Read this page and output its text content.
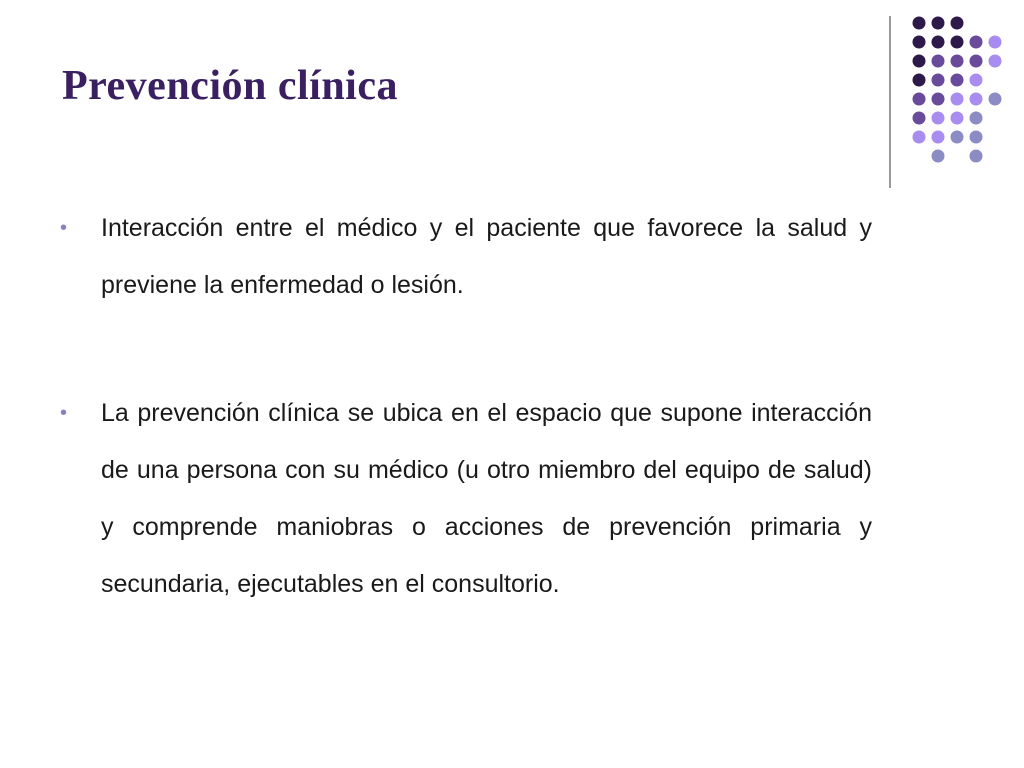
Prevención clínica
• Interacción entre el médico y el paciente que favorece la salud y previene la enfermedad o lesión.
• La prevención clínica se ubica en el espacio que supone interacción de una persona con su médico (u otro miembro del equipo de salud) y comprende maniobras o acciones de prevención primaria y secundaria, ejecutables en el consultorio.
